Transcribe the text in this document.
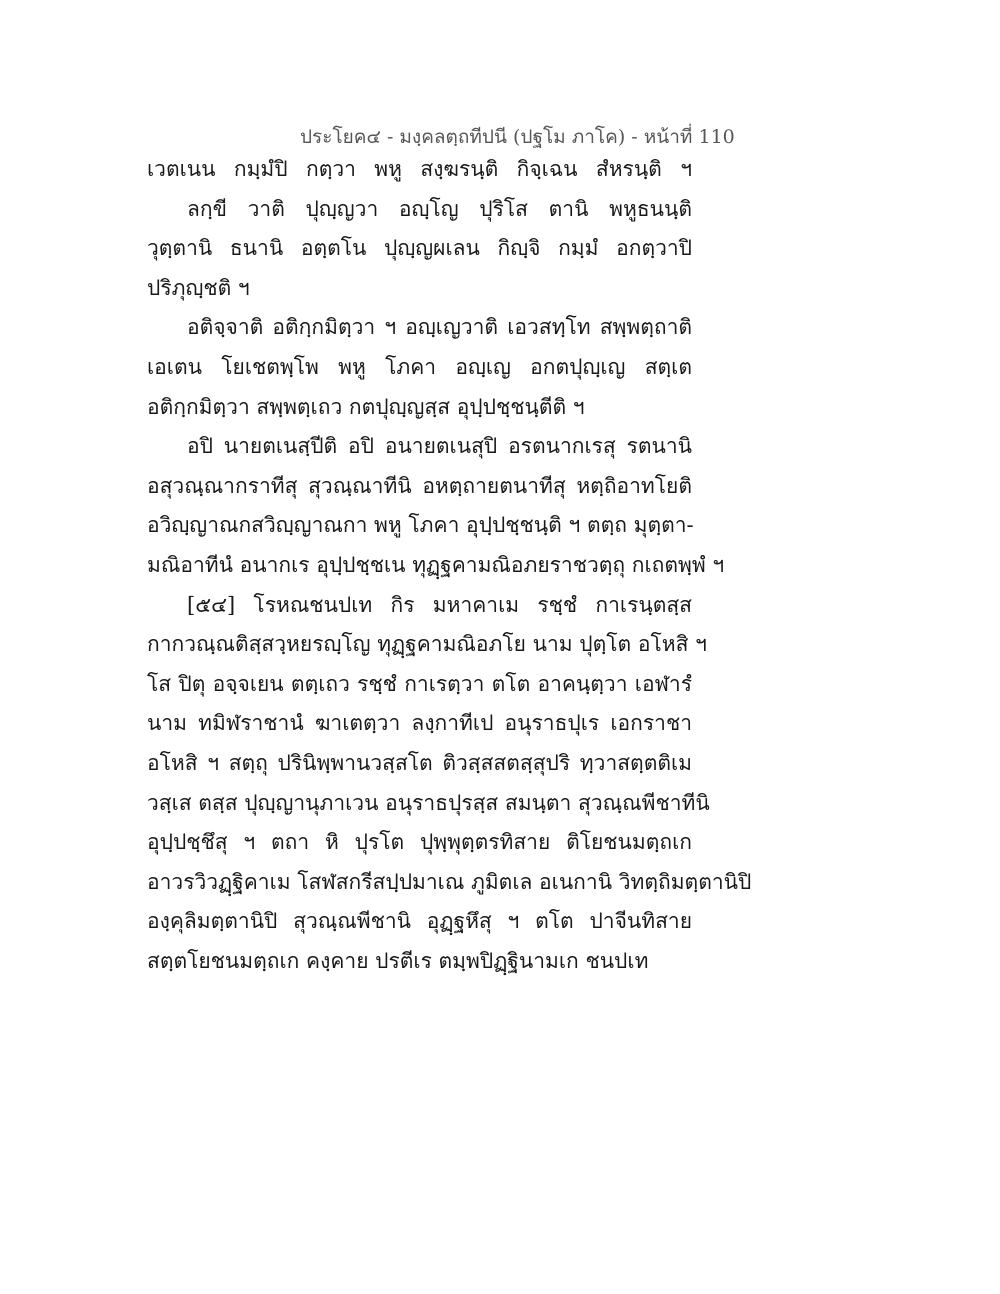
ประโยค๔ - มงฺคลตฺถทีปนี (ปฐโม ภาโค) - หน้าที่ 110
เวตเนน กมฺมํปิ กตฺวา พหู สงฺฆรนฺติ กิจฺเฉน สํหรนฺติ ฯ
ลกฺขี วาติ ปุญฺญวา อญฺโญ ปุริโส ตานิ พหูธนนฺติ
วุตฺตานิ ธนานิ อตฺตโน ปุญฺญผเลน กิญฺจิ กมฺมํ อกตฺวาปิ
ปริภุญฺชติ ฯ
อติจฺจาติ อติกฺกมิตฺวา ฯ อญฺเญวาติ เอวสทฺโท สพฺพตฺถาติ
เอเตน โยเชตพฺโพ พหู โภคา อญฺเญ อกตปุญฺเญ สตฺเต
อติกฺกมิตฺวา สพฺพตฺเถว กตปุญฺญสฺส อุปฺปชฺชนฺตีติ ฯ
อปิ นายตเนสฺปีติ อปิ อนายตเนสุปิ อรตนากเรสุ รตนานิ
อสุวณฺณากราทีสุ สุวณฺณาทีนิ อหตฺถายตนาทีสุ หตฺถิอาทโยติ
อวิญฺญาณกสวิญฺญาณกา พหู โภคา อุปฺปชฺชนฺติ ฯ ตตฺถ มุตฺตา-
มณิอาทีนํ อนากเร อุปฺปชฺชเน ทุฏฺฐคามณิอภยราชวตฺถุ กเถตพฺพํ ฯ
[๕๔] โรหณชนปเท กิร มหาคาเม รชฺชํ กาเรนฺตสฺส
กากวณฺณติสฺสวฺหยรญฺโญ ทุฏฺฐคามณิอภโย นาม ปุตฺโต อโหสิ ฯ
โส ปิตุ อจฺจเยน ตตฺเถว รชฺชํ กาเรตฺวา ตโต อาคนฺตฺวา เอฬารํ
นาม ทมิฬราชานํ ฆาเตตฺวา ลงฺกาทีเป อนุราธปุเร เอกราชา
อโหสิ ฯ สตฺถุ ปรินิพฺพานวสฺสโต ติวสฺสสตสฺสุปริ ทฺวาสตฺตติเม
วสฺเส ตสฺส ปุญฺญานุภาเวน อนุราธปุรสฺส สมนฺตา สุวณฺณพีชาทีนิ
อุปฺปชฺชึสุ ฯ ตถา หิ ปุรโต ปุพฺพุตฺตรทิสาย ติโยชนมตฺถเก
อาวรวิวฏฺฐิคาเม โสฬสกรีสปฺปมาเณ ภูมิตเล อเนกานิ วิทตฺถิมตฺตานิปิ
องฺคุลิมตฺตานิปิ สุวณฺณพีชานิ อุฏฺฐหึสุ ฯ ตโต ปาจีนทิสาย
สตฺตโยชนมตฺถเก คงฺคาย ปรตีเร ตมฺพปิฏฺฐินามเก ชนปเท
